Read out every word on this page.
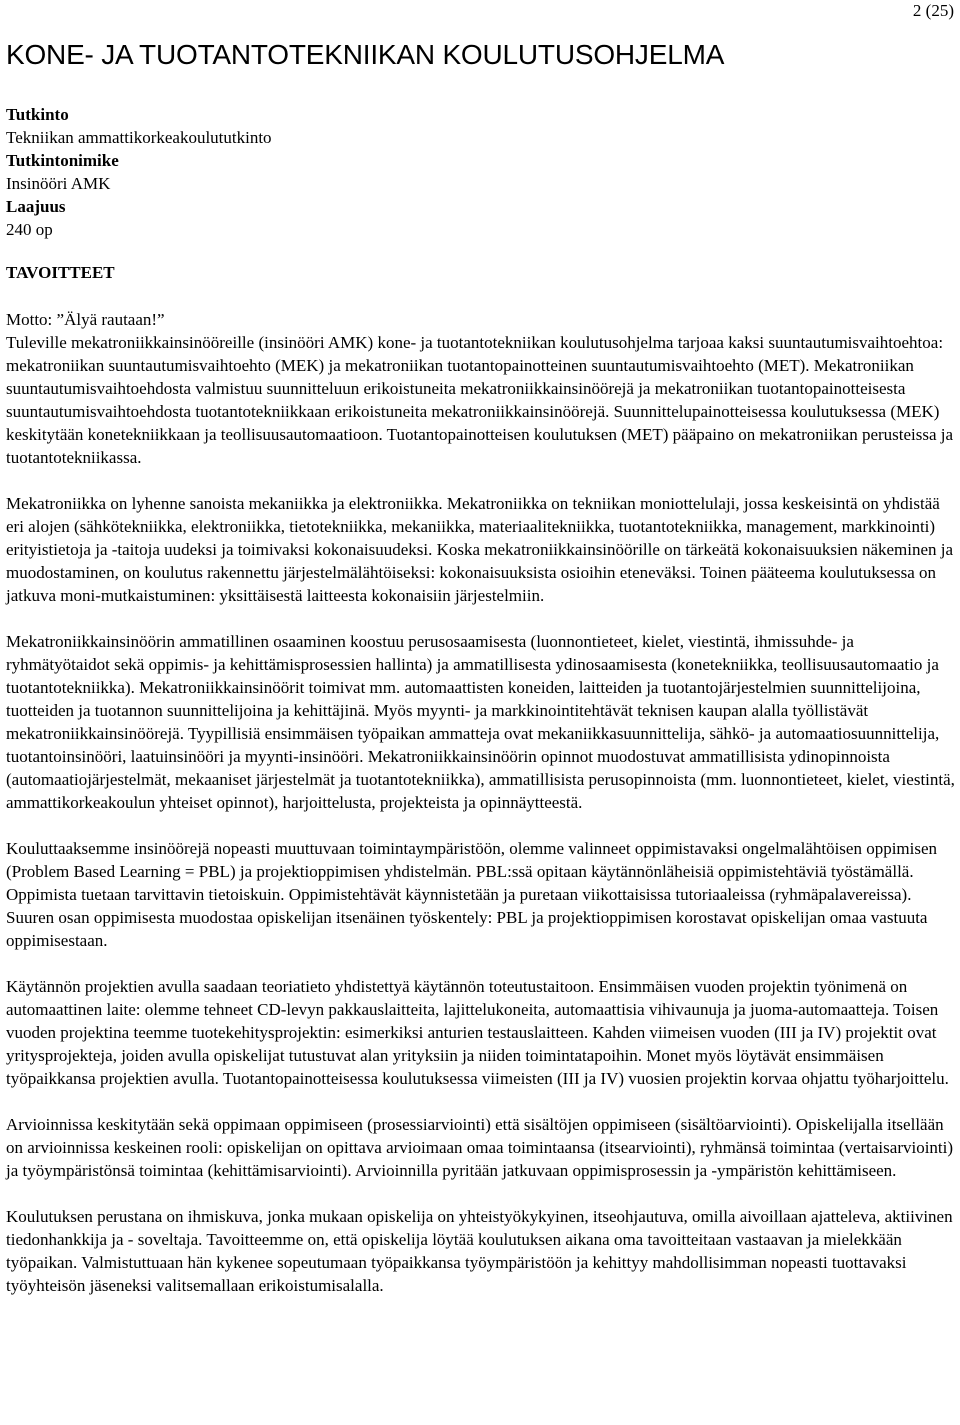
2 (25)
KONE- JA TUOTANTOTEKNIIKAN KOULUTUSOHJELMA
Tutkinto
Tekniikan ammattikorkeakoulututkinto
Tutkintonimike
Insinööri AMK
Laajuus
240 op
TAVOITTEET
Motto: ”Älyä rautaan!”

Tuleville mekatroniikkainsinööreille (insinööri AMK) kone- ja tuotantotekniikan koulutusohjelma tarjoaa kaksi suuntautumisvaihtoehtoa: mekatroniikan suuntautumisvaihtoehto (MEK) ja mekatroniikan tuotantopainotteinen suuntautumisvaihtoehto (MET). Mekatroniikan suuntautumisvaihtoehdosta valmistuu suunnitteluun erikoistuneita mekatroniikkainsinöörejä ja mekatroniikan tuotantopainotteisesta suuntautumisvaihtoehdosta tuotantotekniikkaan erikoistuneita mekatroniikkainsinöörejä. Suunnittelupainotteisessa koulutuksessa (MEK) keskitytään konetekniikkaan ja teollisuusautomaatioon. Tuotantopainotteisen koulutuksen (MET) pääpaino on mekatroniikan perusteissa ja tuotantotekniikassa.

Mekatroniikka on lyhenne sanoista mekaniikka ja elektroniikka. Mekatroniikka on tekniikan moniottelulaji, jossa keskeisintä on yhdistää eri alojen (sähkötekniikka, elektroniikka, tietotekniikka, mekaniikka, materiaalitekniikka, tuotantotekniikka, management, markkinointi) erityistietoja ja -taitoja uudeksi ja toimivaksi kokonaisuudeksi. Koska mekatroniikkainsinöörille on tärkeätä kokonaisuuksien näkeminen ja muodostaminen, on koulutus rakennettu järjestelmälähtöiseksi: kokonaisuuksista osioihin eteneväksi. Toinen pääteema koulutuksessa on jatkuva moni-mutkaistuminen: yksittäisestä laitteesta kokonaisiin järjestelmiin.

Mekatroniikkainsinöörin ammatillinen osaaminen koostuu perusosaamisesta (luonnontieteet, kielet, viestintä, ihmissuhde- ja ryhmätyötaidot sekä oppimis- ja kehittämisprosessien hallinta) ja ammatillisesta ydinosaamisesta (konetekniikka, teollisuusautomaatio ja tuotantotekniikka). Mekatroniikkainsinöörit toimivat mm. automaattisten koneiden, laitteiden ja tuotantojärjestelmien suunnittelijoina, tuotteiden ja tuotannon suunnittelijoina ja kehittäjinä. Myös myynti- ja markkinointitehtävät teknisen kaupan alalla työllistävät mekatroniikkainsinöörejä. Tyypillisiä ensimmäisen työpaikan ammatteja ovat mekaniikkasuunnittelija, sähkö- ja automaatiosuunnittelija, tuotantoinsinööri, laatuinsinööri ja myynti-insinööri. Mekatroniikkainsinöörin opinnot muodostuvat ammatillisista ydinopinnoista (automaatiojärjestelmät, mekaaniset järjestelmät ja tuotantotekniikka), ammatillisista perusopinnoista (mm. luonnontieteet, kielet, viestintä, ammattikorkeakoulun yhteiset opinnot), harjoittelusta, projekteista ja opinnäytteestä.

Kouluttaaksemme insinöörejä nopeasti muuttuvaan toimintaympäristöön, olemme valinneet oppimistavaksi ongelmalähtöisen oppimisen (Problem Based Learning = PBL) ja projektioppimisen yhdistelmän. PBL:ssä opitaan käytännönläheisiä oppimistehtäviä työstämällä. Oppimista tuetaan tarvittavin tietoiskuin. Oppimistehtävät käynnistetään ja puretaan viikottaisissa tutoriaaleissa (ryhmäpalavereissa). Suuren osan oppimisesta muodostaa opiskelijan itsenäinen työskentely: PBL ja projektioppimisen korostavat opiskelijan omaa vastuuta oppimisestaan.

Käytännön projektien avulla saadaan teoriatieto yhdistettyä käytännön toteutustaitoon. Ensimmäisen vuoden projektin työnimenä on automaattinen laite: olemme tehneet CD-levyn pakkauslaitteita, lajittelukoneita, automaattisia vihivaunuja ja juoma-automaatteja. Toisen vuoden projektina teemme tuotekehitysprojektin: esimerkiksi anturien testauslaitteen. Kahden viimeisen vuoden (III ja IV) projektit ovat yritysprojekteja, joiden avulla opiskelijat tutustuvat alan yrityksiin ja niiden toimintatapoihin. Monet myös löytävät ensimmäisen työpaikkansa projektien avulla. Tuotantopainotteisessa koulutuksessa viimeisten (III ja IV) vuosien projektin korvaa ohjattu työharjoittelu.

Arvioinnissa keskitytään sekä oppimaan oppimiseen (prosessiarviointi) että sisältöjen oppimiseen (sisältöarviointi). Opiskelijalla itsellään on arvioinnissa keskeinen rooli: opiskelijan on opittava arvioimaan omaa toimintaansa (itsearviointi), ryhmänsä toimintaa (vertaisarviointi) ja työympäristönsä toimintaa (kehittämisarviointi). Arvioinnilla pyritään jatkuvaan oppimisprosessin ja -ympäristön kehittämiseen.

Koulutuksen perustana on ihmiskuva, jonka mukaan opiskelija on yhteistyökykyinen, itseohjautuva, omilla aivoillaan ajatteleva, aktiivinen tiedonhankkija ja - soveltaja. Tavoitteemme on, että opiskelija löytää koulutuksen aikana oma tavoitteitaan vastaavan ja mielekkään työpaikan. Valmistuttuaan hän kykenee sopeutumaan työpaikkansa työympäristöön ja kehittyy mahdollisimman nopeasti tuottavaksi työyhteisön jäseneksi valitsemallaan erikoistumisalalla.
